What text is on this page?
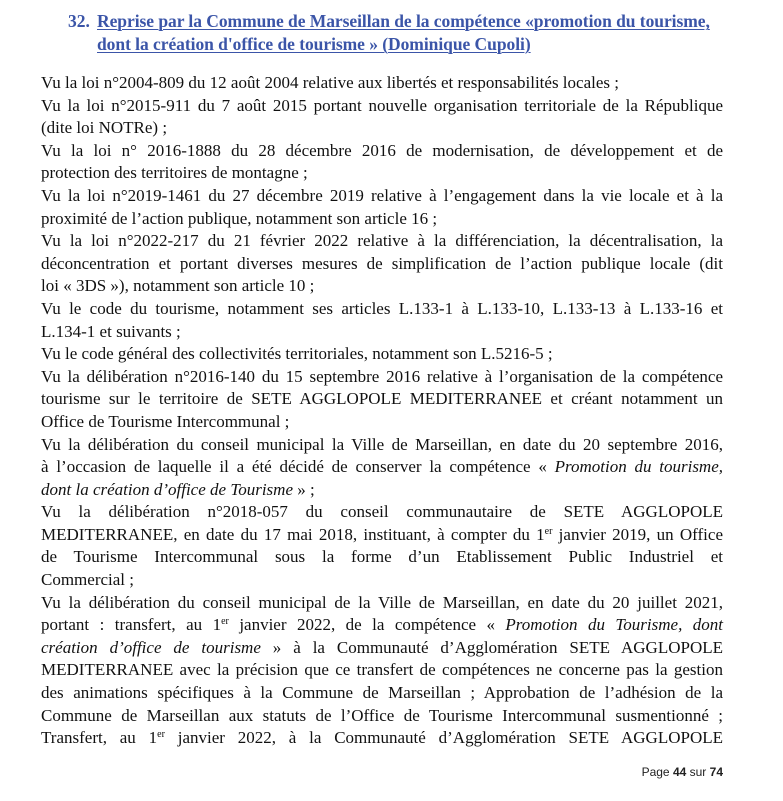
32. Reprise par la Commune de Marseillan de la compétence «promotion du tourisme,
dont la création d'office de tourisme » (Dominique Cupoli)

Vu la loi n°2004-809 du 12 août 2004 relative aux libertés et responsabilités locales ;

Vu la loi n°2015-911 du 7 août 2015 portant nouvelle organisation territoriale de la République
(dite loi NOTRe) ;

Vu la loi n° 2016-1888 du 28 décembre 2016 de modernisation, de développement et de
protection des territoires de montagne ;

Vu la loi n°2019-1461 du 27 décembre 2019 relative à l’engagement dans la vie locale et à la
proximité de l’action publique, notamment son article 16 ;

Vu la loi n°2022-217 du 21 février 2022 relative à la différenciation, la décentralisation, la
déconcentration et portant diverses mesures de simplification de l’action publique locale (dit
loi « 3DS »), notamment son article 10 ;

Vu le code du tourisme, notamment ses articles L.133-1 à L.133-10, L.133-13 à L.133-16 et
L.134-1 et suivants ;

Vu le code général des collectivités territoriales, notamment son L.5216-5 ;

Vu la délibération n°2016-140 du 15 septembre 2016 relative à l’organisation de la compétence
tourisme sur le territoire de SETE AGGLOPOLE MEDITERRANEE et créant notamment un
Office de Tourisme Intercommunal ;

Vu la délibération du conseil municipal la Ville de Marseillan, en date du 20 septembre 2016,
à l’occasion de laquelle il a été décidé de conserver la compétence « Promotion du tourisme,
dont la création d’office de Tourisme » ;

Vu la délibération n°2018-057 du conseil communautaire de SETE AGGLOPOLE
MEDITERRANEE, en date du 17 mai 2018, instituant, à compter du 1er janvier 2019, un Office
de Tourisme Intercommunal sous la forme d’un Etablissement Public Industriel et
Commercial ;

Vu la délibération du conseil municipal de la Ville de Marseillan, en date du 20 juillet 2021,
portant : transfert, au 1er janvier 2022, de la compétence « Promotion du Tourisme, dont
création d’office de tourisme » à la Communauté d’Agglomération SETE AGGLOPOLE
MEDITERRANEE avec la précision que ce transfert de compétences ne concerne pas la gestion
des animations spécifiques à la Commune de Marseillan ; Approbation de l’adhésion de la
Commune de Marseillan aux statuts de l’Office de Tourisme Intercommunal susmentionné ;
Transfert, au 1er janvier 2022, à la Communauté d’Agglomération SETE AGGLOPOLE

Page 44 sur 74
